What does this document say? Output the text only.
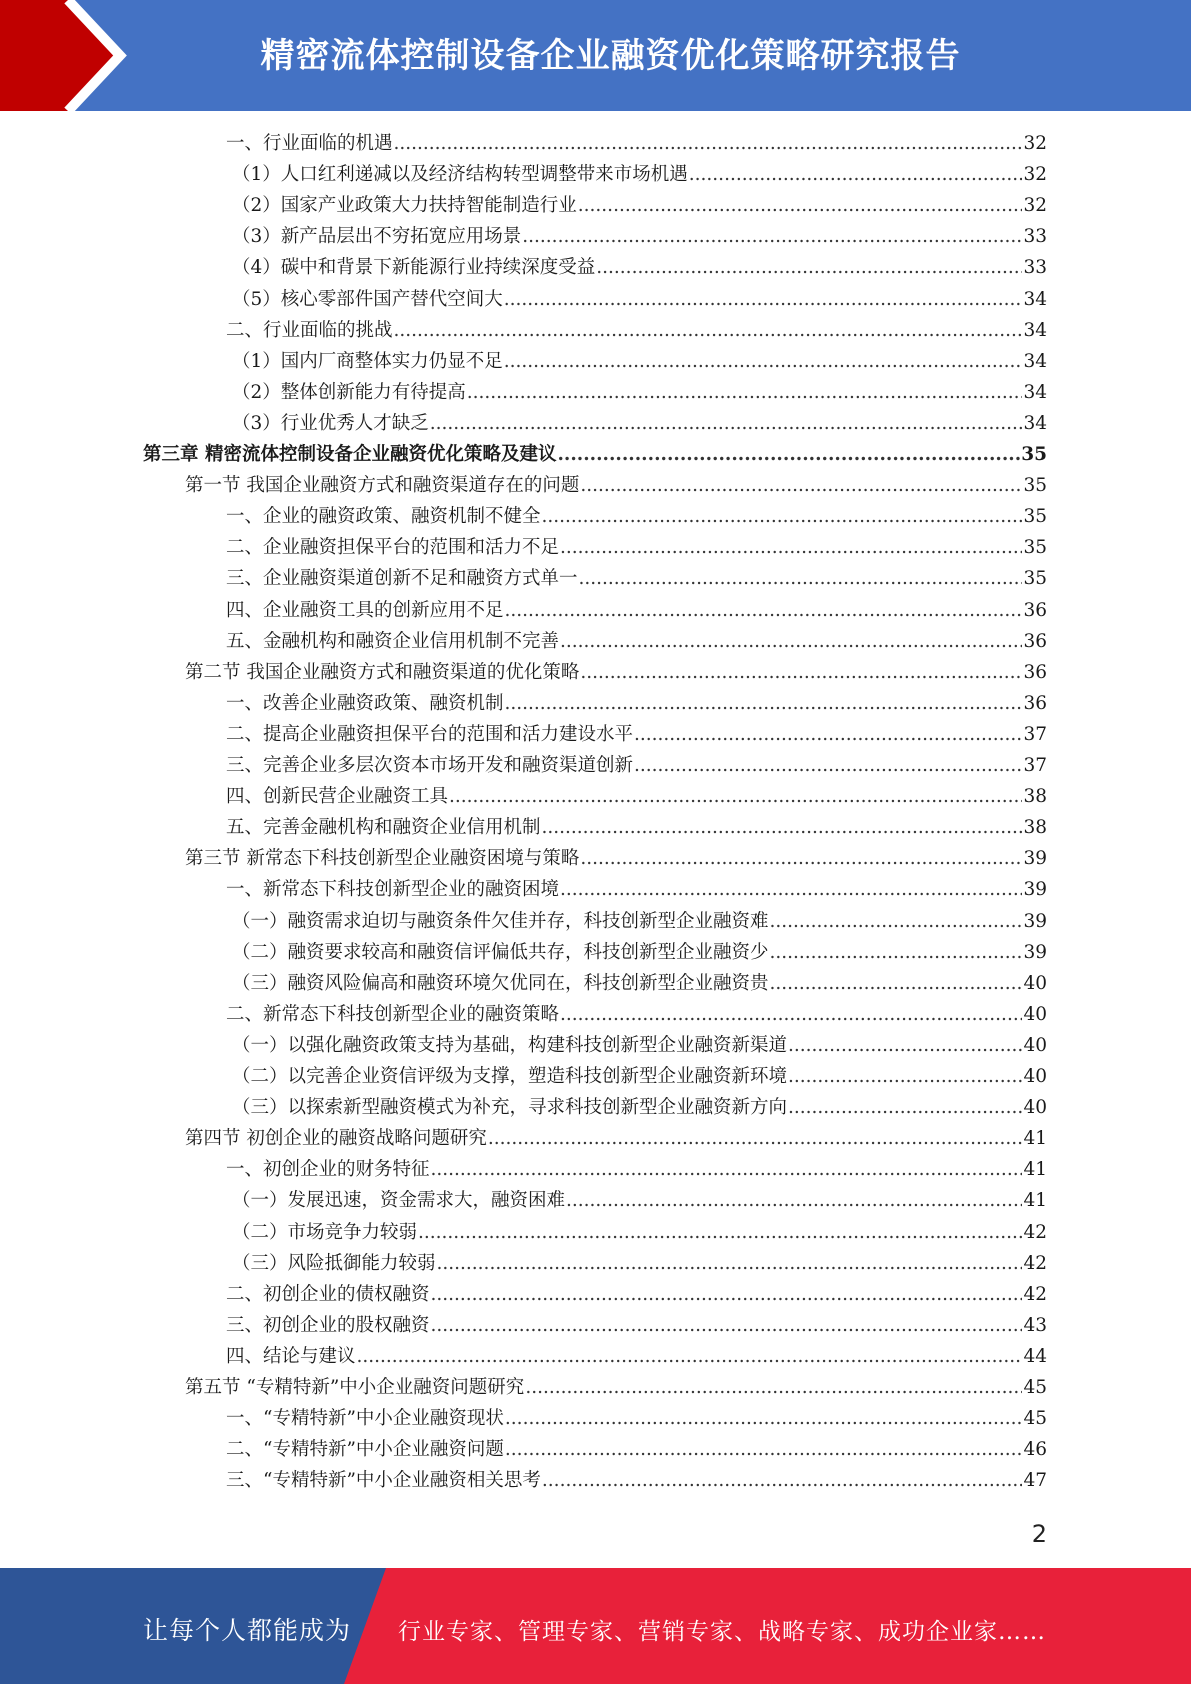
精密流体控制设备企业融资优化策略研究报告
一、行业面临的机遇 .....	32
（1）人口红利递减以及经济结构转型调整带来市场机遇 .....	32
（2）国家产业政策大力扶持智能制造行业 .....	32
（3）新产品层出不穷拓宽应用场景 .....	33
（4）碳中和背景下新能源行业持续深度受益 .....	33
（5）核心零部件国产替代空间大 .....	34
二、行业面临的挑战 .....	34
（1）国内厂商整体实力仍显不足 .....	34
（2）整体创新能力有待提高 .....	34
（3）行业优秀人才缺乏 .....	34
第三章 精密流体控制设备企业融资优化策略及建议 .....	35
第一节 我国企业融资方式和融资渠道存在的问题 .....	35
一、企业的融资政策、融资机制不健全 .....	35
二、企业融资担保平台的范围和活力不足 .....	35
三、企业融资渠道创新不足和融资方式单一 .....	35
四、企业融资工具的创新应用不足 .....	36
五、金融机构和融资企业信用机制不完善 .....	36
第二节 我国企业融资方式和融资渠道的优化策略 .....	36
一、改善企业融资政策、融资机制 .....	36
二、提高企业融资担保平台的范围和活力建设水平 .....	37
三、完善企业多层次资本市场开发和融资渠道创新 .....	37
四、创新民营企业融资工具 .....	38
五、完善金融机构和融资企业信用机制 .....	38
第三节 新常态下科技创新型企业融资困境与策略 .....	39
一、新常态下科技创新型企业的融资困境 .....	39
（一）融资需求迫切与融资条件欠佳并存，科技创新型企业融资难 .....	39
（二）融资要求较高和融资信评偏低共存，科技创新型企业融资少 .....	39
（三）融资风险偏高和融资环境欠优同在，科技创新型企业融资贵 .....	40
二、新常态下科技创新型企业的融资策略 .....	40
（一）以强化融资政策支持为基础，构建科技创新型企业融资新渠道 .....	40
（二）以完善企业资信评级为支撑，塑造科技创新型企业融资新环境 .....	40
（三）以探索新型融资模式为补充，寻求科技创新型企业融资新方向 .....	40
第四节 初创企业的融资战略问题研究 .....	41
一、初创企业的财务特征 .....	41
（一）发展迅速，资金需求大，融资困难 .....	41
（二）市场竞争力较弱 .....	42
（三）风险抵御能力较弱 .....	42
二、初创企业的债权融资 .....	42
三、初创企业的股权融资 .....	43
四、结论与建议 .....	44
第五节 “专精特新”中小企业融资问题研究 .....	45
一、“专精特新”中小企业融资现状 .....	45
二、“专精特新”中小企业融资问题 .....	46
三、“专精特新”中小企业融资相关思考 .....	47
2
让每个人都能成为 行业专家、管理专家、营销专家、战略专家、成功企业家……
